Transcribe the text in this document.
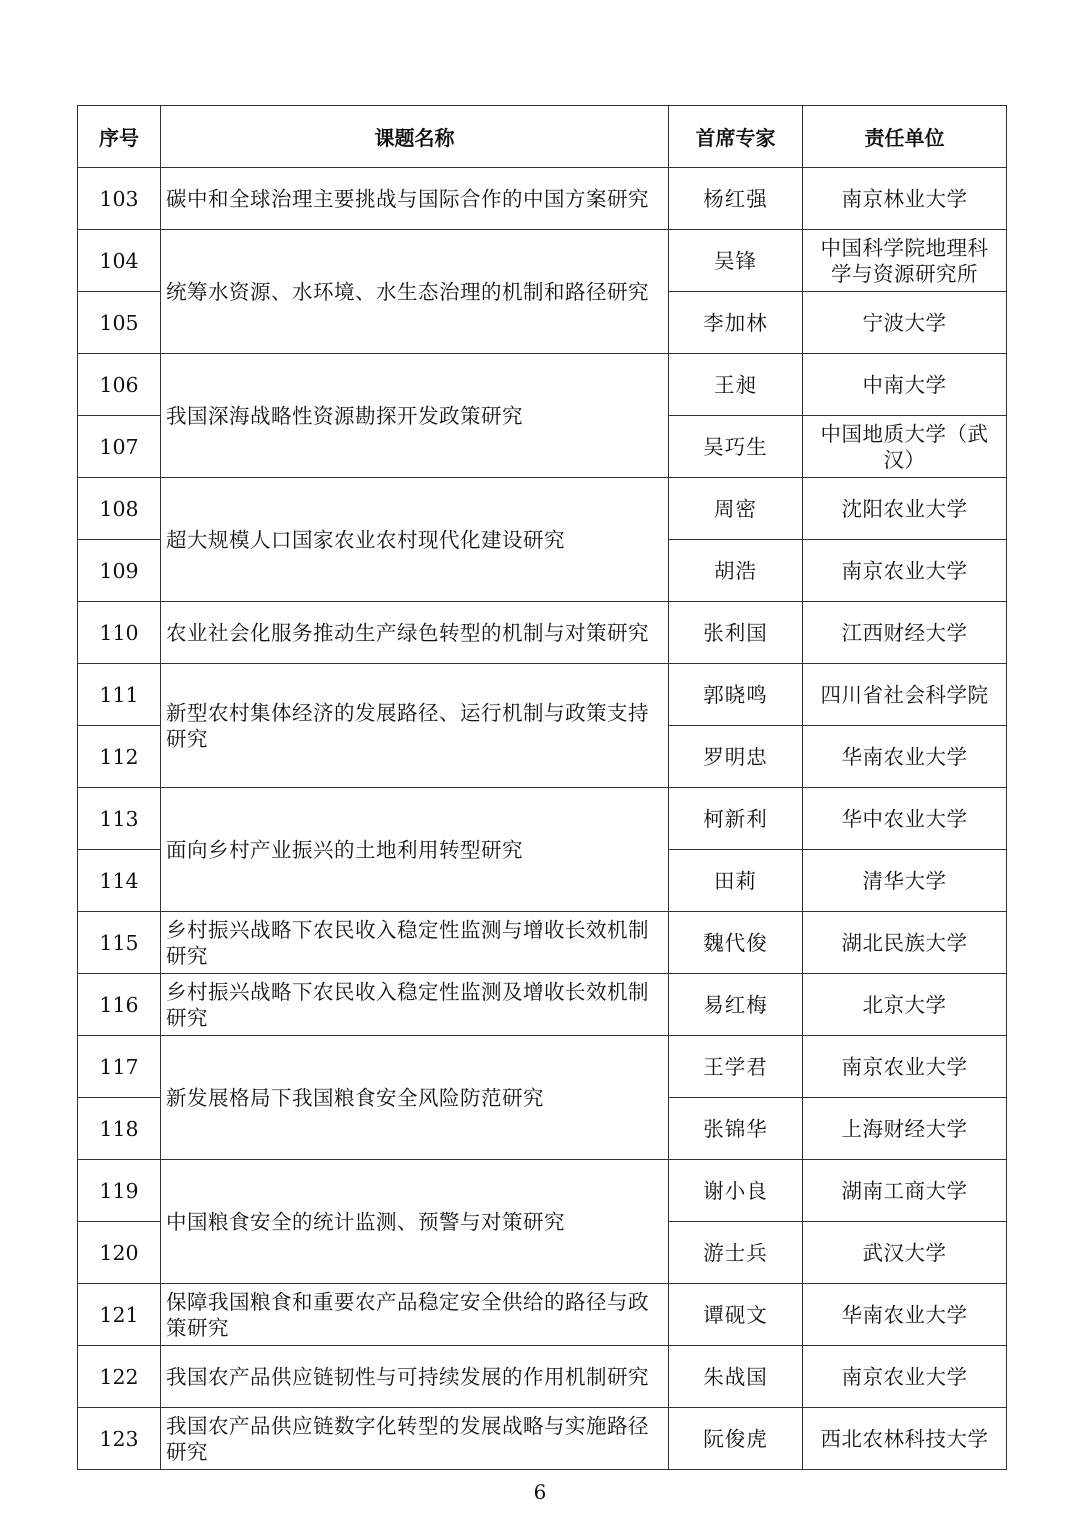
序号	课题名称	首席专家	责任单位
103	碳中和全球治理主要挑战与国际合作的中国方案研究	杨红强	南京林业大学
104	统筹水资源、水环境、水生态治理的机制和路径研究	吴锋	中国科学院地理科学与资源研究所
105		李加林	宁波大学
106	我国深海战略性资源勘探开发政策研究	王昶	中南大学
107		吴巧生	中国地质大学（武汉）
108	超大规模人口国家农业农村现代化建设研究	周密	沈阳农业大学
109		胡浩	南京农业大学
110	农业社会化服务推动生产绿色转型的机制与对策研究	张利国	江西财经大学
111	新型农村集体经济的发展路径、运行机制与政策支持研究	郭晓鸣	四川省社会科学院
112		罗明忠	华南农业大学
113	面向乡村产业振兴的土地利用转型研究	柯新利	华中农业大学
114		田莉	清华大学
115	乡村振兴战略下农民收入稳定性监测与增收长效机制研究	魏代俊	湖北民族大学
116	乡村振兴战略下农民收入稳定性监测及增收长效机制研究	易红梅	北京大学
117	新发展格局下我国粮食安全风险防范研究	王学君	南京农业大学
118		张锦华	上海财经大学
119	中国粮食安全的统计监测、预警与对策研究	谢小良	湖南工商大学
120		游士兵	武汉大学
121	保障我国粮食和重要农产品稳定安全供给的路径与政策研究	谭砚文	华南农业大学
122	我国农产品供应链韧性与可持续发展的作用机制研究	朱战国	南京农业大学
123	我国农产品供应链数字化转型的发展战略与实施路径研究	阮俊虎	西北农林科技大学
6
